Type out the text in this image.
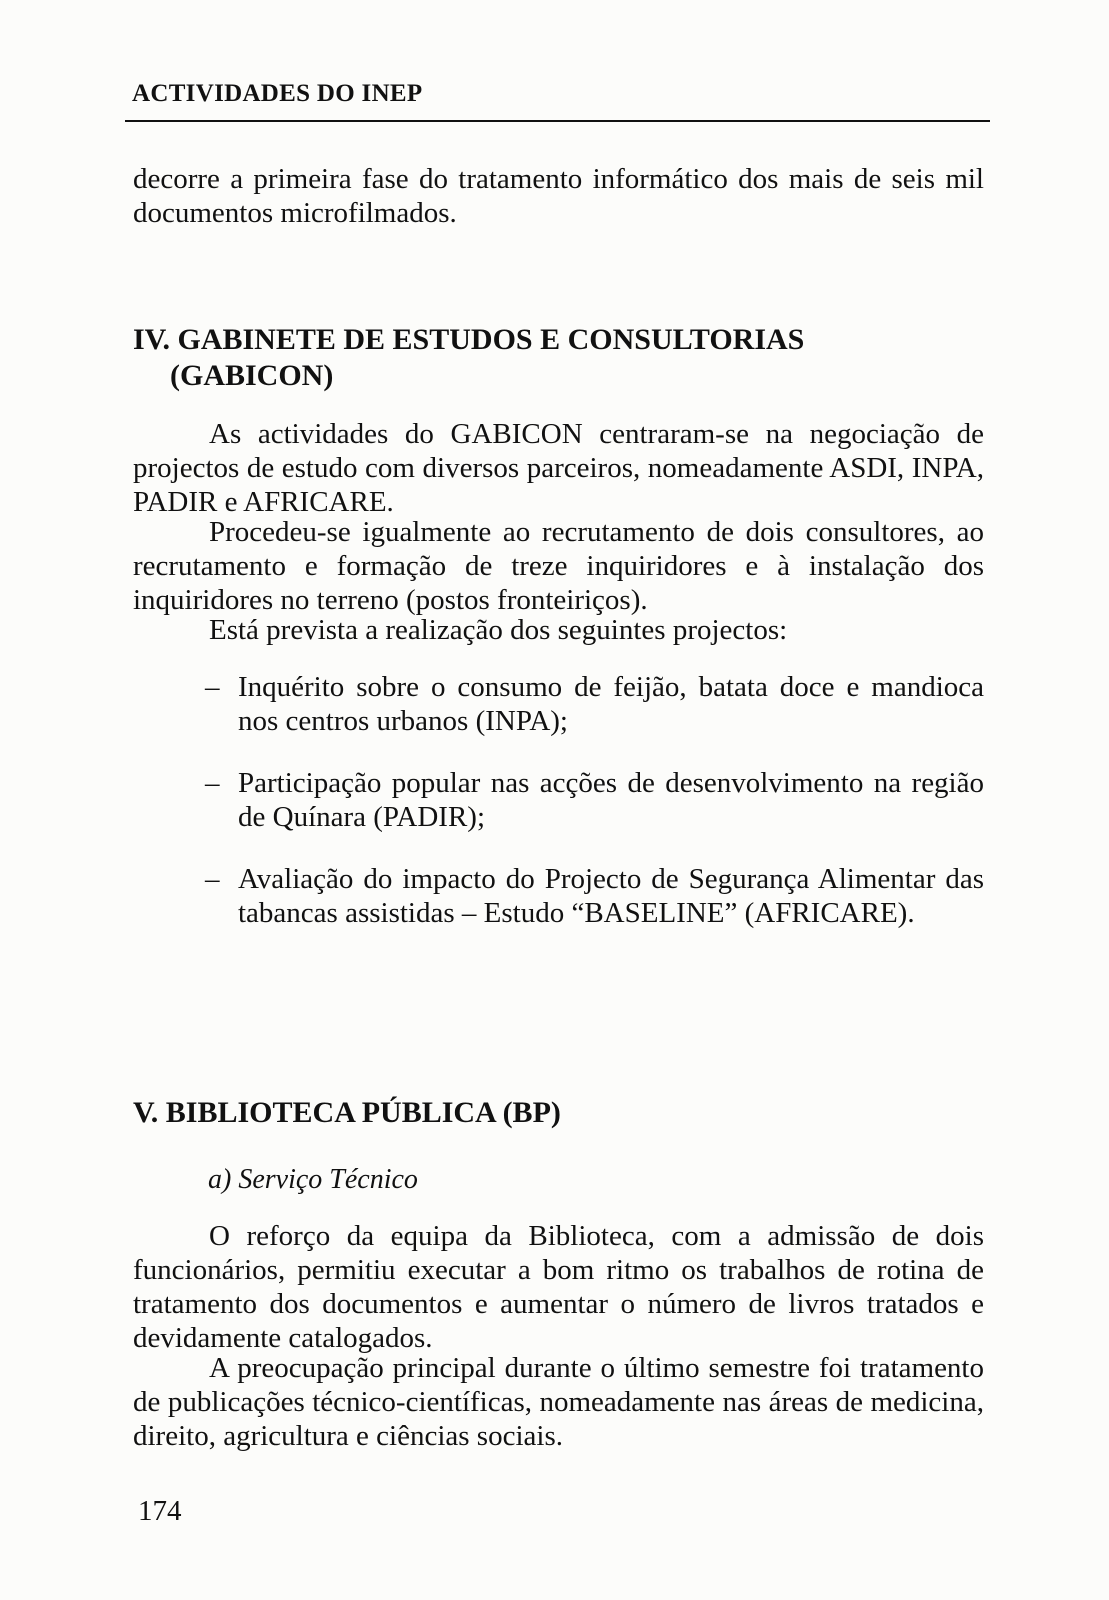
ACTIVIDADES DO INEP

decorre a primeira fase do tratamento informático dos mais de seis mil documentos microfilmados.

IV. GABINETE DE ESTUDOS E CONSULTORIAS
(GABICON)

As actividades do GABICON centraram-se na negociação de projectos de estudo com diversos parceiros, nomeadamente ASDI, INPA, PADIR e AFRICARE.

Procedeu-se igualmente ao recrutamento de dois consultores, ao recrutamento e formação de treze inquiridores e à instalação dos inquiridores no terreno (postos fronteiriços).

Está prevista a realização dos seguintes projectos:

– Inquérito sobre o consumo de feijão, batata doce e mandioca nos centros urbanos (INPA);
– Participação popular nas acções de desenvolvimento na região de Quínara (PADIR);
– Avaliação do impacto do Projecto de Segurança Alimentar das tabancas assistidas – Estudo “BASELINE” (AFRICARE).
V. BIBLIOTECA PÚBLICA (BP)

a) Serviço Técnico

O reforço da equipa da Biblioteca, com a admissão de dois funcionários, permitiu executar a bom ritmo os trabalhos de rotina de tratamento dos documentos e aumentar o número de livros tratados e devidamente catalogados.

A preocupação principal durante o último semestre foi tratamento de publicações técnico-científicas, nomeadamente nas áreas de medicina, direito, agricultura e ciências sociais.

174
